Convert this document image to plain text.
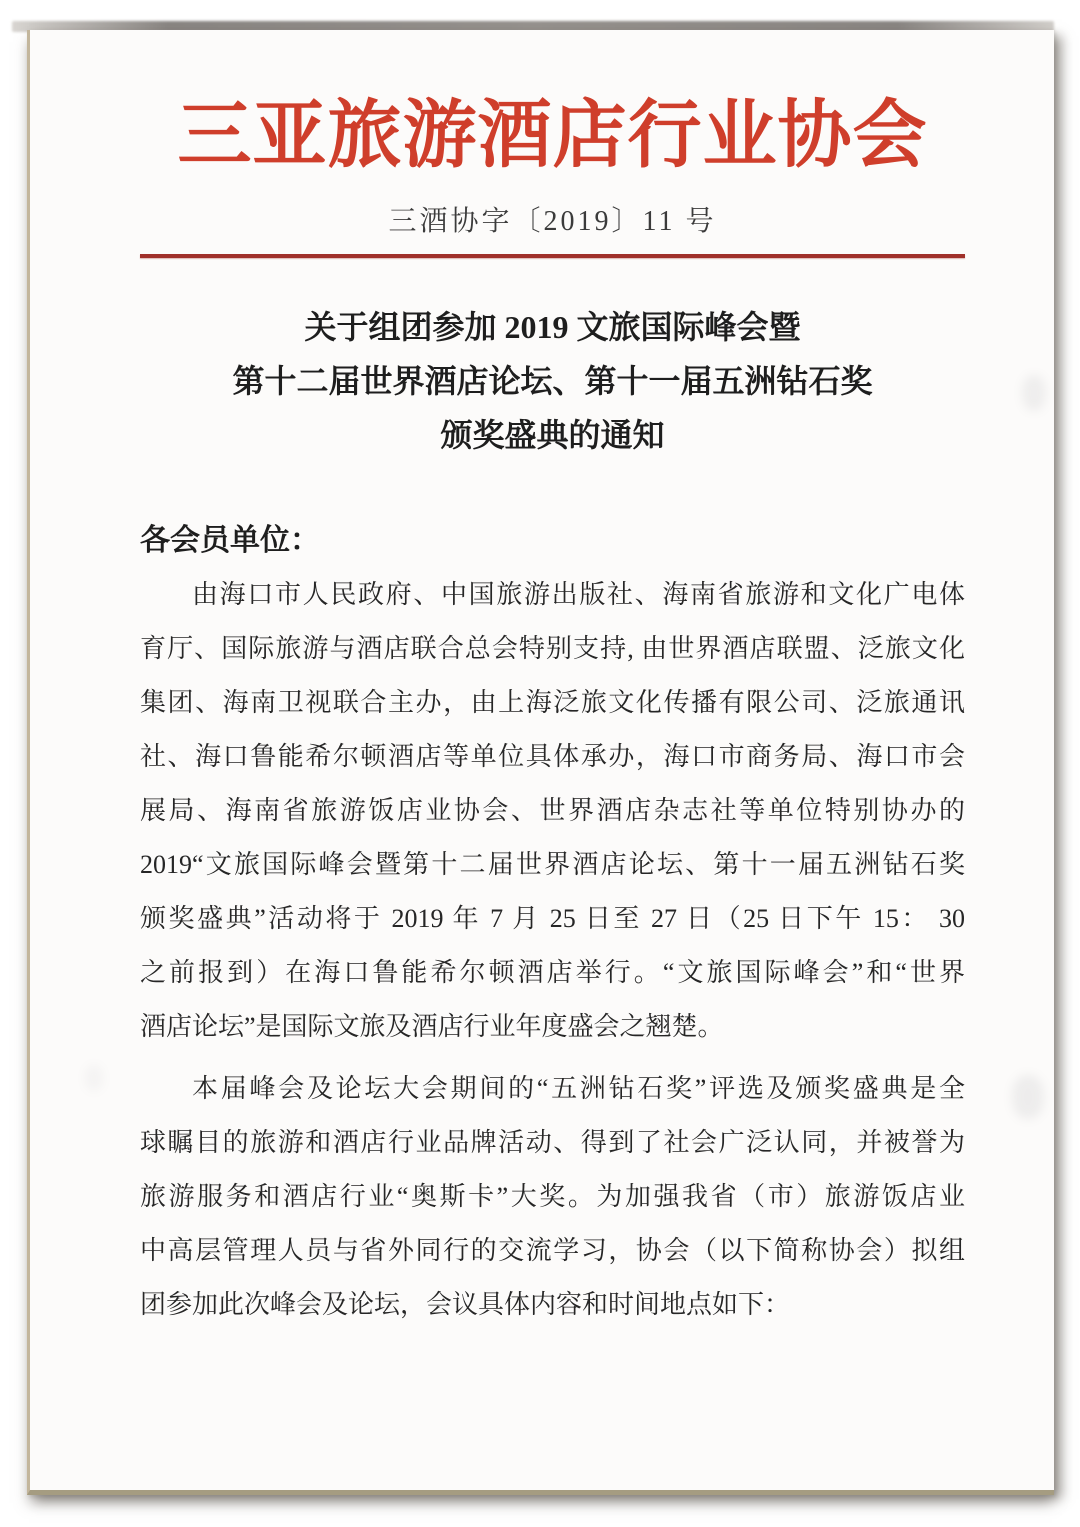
三亚旅游酒店行业协会
三酒协字〔2019〕11 号
关于组团参加 2019 文旅国际峰会暨
第十二届世界酒店论坛、第十一届五洲钻石奖
颁奖盛典的通知
各会员单位：
由海口市人民政府、中国旅游出版社、海南省旅游和文化广电体
育厅、国际旅游与酒店联合总会特别支持, 由世界酒店联盟、泛旅文化
集团、海南卫视联合主办，由上海泛旅文化传播有限公司、泛旅通讯
社、海口鲁能希尔顿酒店等单位具体承办，海口市商务局、海口市会
展局、海南省旅游饭店业协会、世界酒店杂志社等单位特别协办的
2019“文旅国际峰会暨第十二届世界酒店论坛、第十一届五洲钻石奖
颁奖盛典”活动将于 2019 年 7 月 25 日至 27 日（25 日下午 15： 30
之前报到）在海口鲁能希尔顿酒店举行。“文旅国际峰会”和“世界
酒店论坛”是国际文旅及酒店行业年度盛会之翘楚。
本届峰会及论坛大会期间的“五洲钻石奖”评选及颁奖盛典是全
球瞩目的旅游和酒店行业品牌活动、得到了社会广泛认同，并被誉为
旅游服务和酒店行业“奥斯卡”大奖。为加强我省（市）旅游饭店业
中高层管理人员与省外同行的交流学习，协会（以下简称协会）拟组
团参加此次峰会及论坛，会议具体内容和时间地点如下：
